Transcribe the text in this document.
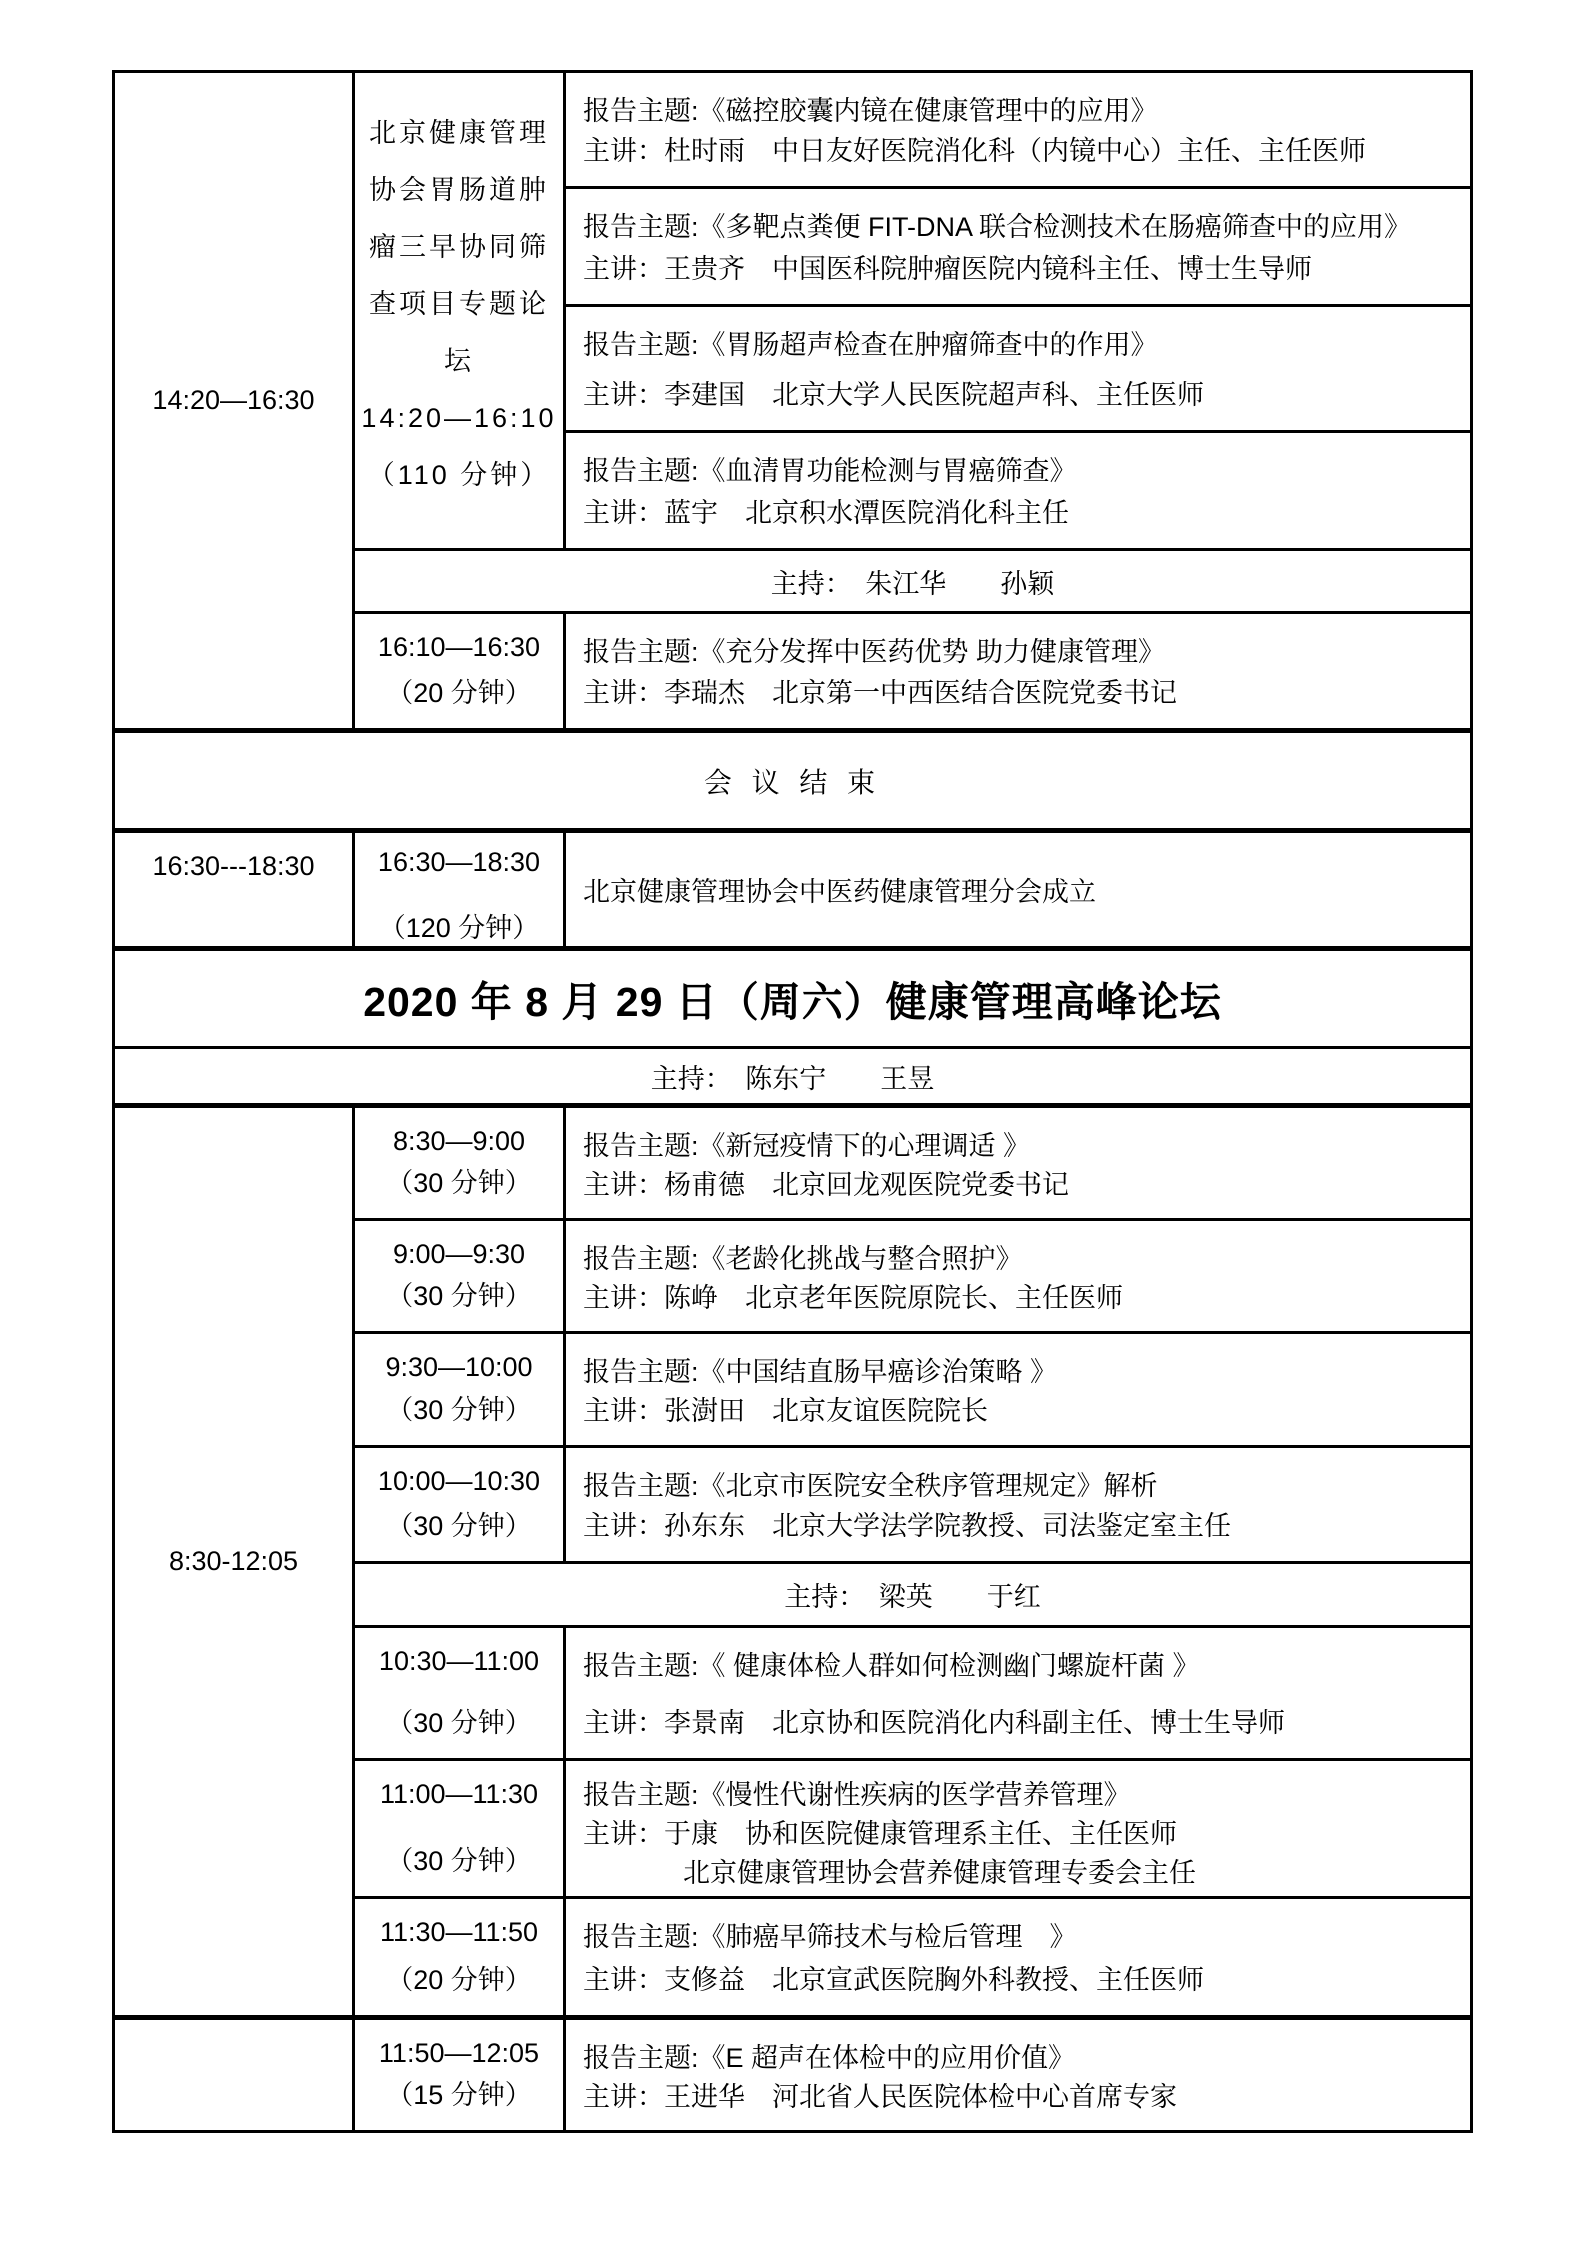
14:20—16:30
北京健康管理
协会胃肠道肿
瘤三早协同筛
查项目专题论
坛
14:20—16:10
（110 分钟）
报告主题:《磁控胶囊内镜在健康管理中的应用》
主讲：杜时雨　中日友好医院消化科（内镜中心）主任、主任医师
报告主题:《多靶点粪便 FIT-DNA 联合检测技术在肠癌筛查中的应用》
主讲：王贵齐　中国医科院肿瘤医院内镜科主任、博士生导师
报告主题:《胃肠超声检查在肿瘤筛查中的作用》
主讲：李建国　北京大学人民医院超声科、主任医师
报告主题:《血清胃功能检测与胃癌筛查》
主讲：蓝宇　北京积水潭医院消化科主任
主持：　朱江华　　孙颖
16:10—16:30
（20 分钟）
报告主题:《充分发挥中医药优势 助力健康管理》
主讲：李瑞杰　北京第一中西医结合医院党委书记
会 议 结 束
16:30---18:30 16:30—18:30
（120 分钟）
北京健康管理协会中医药健康管理分会成立
2020 年 8 月 29 日（周六）健康管理高峰论坛
主持：　陈东宁　　王昱
8:30-12:05
8:30—9:00
（30 分钟）
报告主题:《新冠疫情下的心理调适 》
主讲：杨甫德　北京回龙观医院党委书记
9:00—9:30
（30 分钟）
报告主题:《老龄化挑战与整合照护》
主讲：陈峥　北京老年医院原院长、主任医师
9:30—10:00
（30 分钟）
报告主题:《中国结直肠早癌诊治策略 》
主讲：张澍田　北京友谊医院院长
10:00—10:30
（30 分钟）
报告主题:《北京市医院安全秩序管理规定》解析
主讲：孙东东　北京大学法学院教授、司法鉴定室主任
主持：　梁英　　于红
10:30—11:00
（30 分钟）
报告主题:《 健康体检人群如何检测幽门螺旋杆菌 》
主讲：李景南　北京协和医院消化内科副主任、博士生导师
11:00—11:30
（30 分钟）
报告主题:《慢性代谢性疾病的医学营养管理》
主讲：于康　协和医院健康管理系主任、主任医师
北京健康管理协会营养健康管理专委会主任
11:30—11:50
（20 分钟）
报告主题:《肺癌早筛技术与检后管理　》
主讲：支修益　北京宣武医院胸外科教授、主任医师
11:50—12:05
（15 分钟）
报告主题:《E 超声在体检中的应用价值》
主讲：王进华　河北省人民医院体检中心首席专家
